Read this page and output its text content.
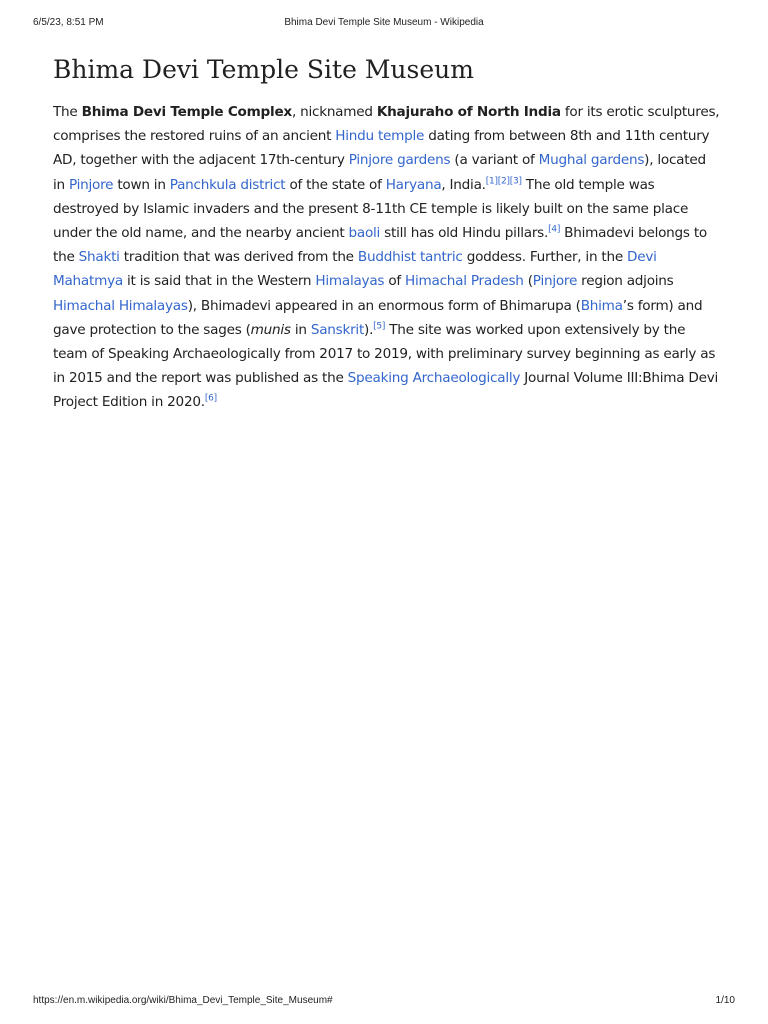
6/5/23, 8:51 PM	Bhima Devi Temple Site Museum - Wikipedia
Bhima Devi Temple Site Museum

The Bhima Devi Temple Complex, nicknamed Khajuraho of North India for its erotic sculptures, comprises the restored ruins of an ancient Hindu temple dating from between 8th and 11th century AD, together with the adjacent 17th-century Pinjore gardens (a variant of Mughal gardens), located in Pinjore town in Panchkula district of the state of Haryana, India.[1][2][3] The old temple was destroyed by Islamic invaders and the present 8-11th CE temple is likely built on the same place under the old name, and the nearby ancient baoli still has old Hindu pillars.[4] Bhimadevi belongs to the Shakti tradition that was derived from the Buddhist tantric goddess. Further, in the Devi Mahatmya it is said that in the Western Himalayas of Himachal Pradesh (Pinjore region adjoins Himachal Himalayas), Bhimadevi appeared in an enormous form of Bhimarupa (Bhima’s form) and gave protection to the sages (munis in Sanskrit).[5] The site was worked upon extensively by the team of Speaking Archaeologically from 2017 to 2019, with preliminary survey beginning as early as in 2015 and the report was published as the Speaking Archaeologically Journal Volume III:Bhima Devi Project Edition in 2020.[6]

https://en.m.wikipedia.org/wiki/Bhima_Devi_Temple_Site_Museum#	1/10
